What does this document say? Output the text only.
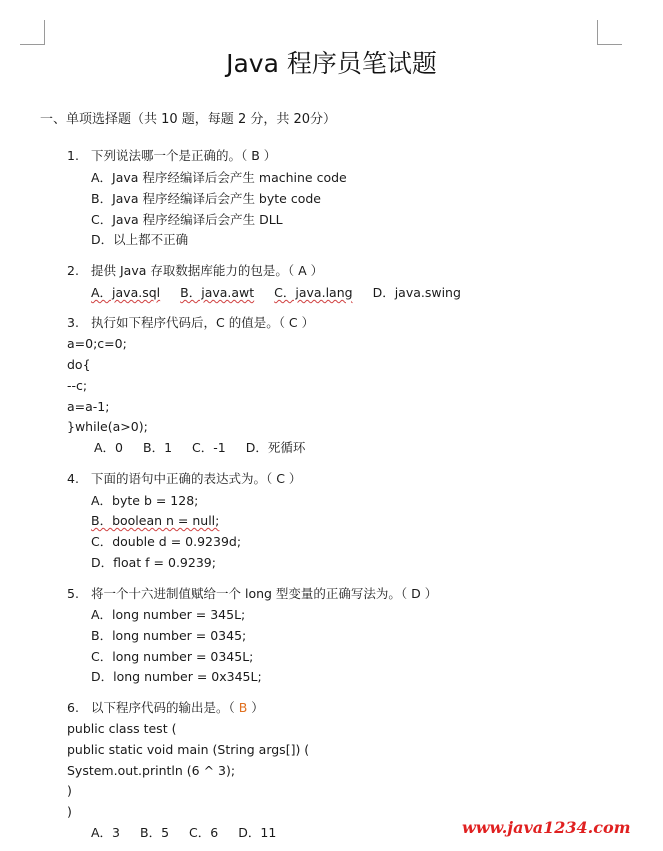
Java 程序员笔试题
一、单项选择题（共 10 题，每题 2 分，共 20分）
1. 下列说法哪一个是正确的。（ B ）
A．Java 程序经编译后会产生 machine code
B．Java 程序经编译后会产生 byte code
C．Java 程序经编译后会产生 DLL
D．以上都不正确
2. 提供 Java 存取数据库能力的包是。（ A ）
A．java.sql B．java.awt C．java.lang D．java.swing
3. 执行如下程序代码后，C 的值是。（ C ）
a=0;c=0;
do{
--c;
a=a-1;
}while(a>0);
A．0 B．1 C．-1 D．死循环
4. 下面的语句中正确的表达式为。（ C ）
A．byte b = 128;
B．boolean n = null;
C．double d = 0.9239d;
D．float f = 0.9239;
5. 将一个十六进制值赋给一个 long 型变量的正确写法为。（ D ）
A．long number = 345L;
B．long number = 0345;
C．long number = 0345L;
D．long number = 0x345L;
6. 以下程序代码的输出是。（ B ）
public class test (
public static void main (String args[]) (
System.out.println (6 ^ 3);
)
)
A．3 B．5 C．6 D．11	www.java1234.com
